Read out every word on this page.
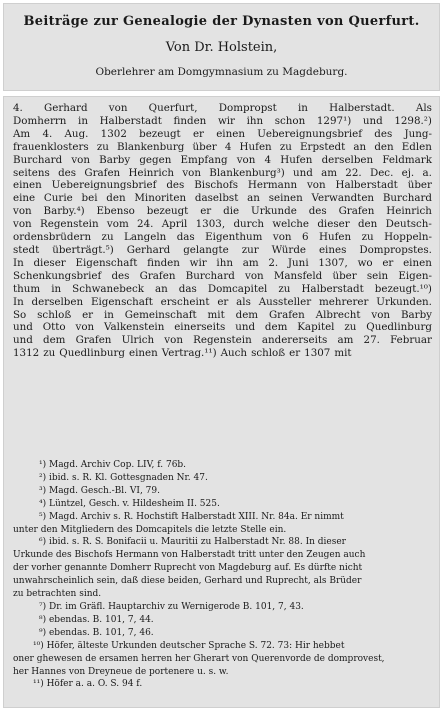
Beiträge zur Genealogie der Dynasten von Querfurt.
Von Dr. Holstein,
Oberlehrer am Domgymnasium zu Magdeburg.
4. Gerhard von Querfurt, Dompropst in Halberstadt. Als
Domherrn in Halberstadt finden wir ihn schon 1297¹) und 1298.²)
Am 4. Aug. 1302 bezeugt er einen Uebereignungsbrief des Jung-
frauenklosters zu Blankenburg über 4 Hufen zu Erpstedt an den Edlen
Burchard von Barby gegen Empfang von 4 Hufen derselben Feldmark
seitens des Grafen Heinrich von Blankenburg³) und am 22. Dec. ej. a.
einen Uebereignungsbrief des Bischofs Hermann von Halberstadt über
eine Curie bei den Minoriten daselbst an seinen Verwandten Burchard
von Barby.⁴) Ebenso bezeugt er die Urkunde des Grafen Heinrich
von Regenstein vom 24. April 1303, durch welche dieser den Deutsch-
ordensbrüdern zu Langeln das Eigenthum von 6 Hufen zu Hoppeln-
stedt überträgt.⁵) Gerhard gelangte zur Würde eines Dompropstes.
In dieser Eigenschaft finden wir ihn am 2. Juni 1307, wo er einen
Schenkungsbrief des Grafen Burchard von Mansfeld über sein Eigen-
thum in Schwanebeck an das Domcapitel zu Halberstadt bezeugt.¹⁰)
In derselben Eigenschaft erscheint er als Aussteller mehrerer Urkunden.
So schloß er in Gemeinschaft mit dem Grafen Albrecht von Barby
und Otto von Valkenstein einerseits und dem Kapitel zu Quedlinburg
und dem Grafen Ulrich von Regenstein andererseits am 27. Februar
1312 zu Quedlinburg einen Vertrag.¹¹) Auch schloß er 1307 mit
¹) Magd. Archiv Cop. LIV, f. 76b.
²) ibid. s. R. Kl. Gottesgnaden Nr. 47.
³) Magd. Gesch.-Bl. VI, 79.
⁴) Lüntzel, Gesch. v. Hildesheim II. 525.
⁵) Magd. Archiv s. R. Hochstift Halberstadt XIII. Nr. 84a. Er nimmt
unter den Mitgliedern des Domcapitels die letzte Stelle ein.
⁶) ibid. s. R. S. Bonifacii u. Mauritii zu Halberstadt Nr. 88. In dieser
Urkunde des Bischofs Hermann von Halberstadt tritt unter den Zeugen auch
der vorher genannte Domherr Ruprecht von Magdeburg auf. Es dürfte nicht
unwahrscheinlich sein, daß diese beiden, Gerhard und Ruprecht, als Brüder
zu betrachten sind.
⁷) Dr. im Gräfl. Hauptarchiv zu Wernigerode B. 101, 7, 43.
⁸) ebendas. B. 101, 7, 44.
⁹) ebendas. B. 101, 7, 46.
¹⁰) Höfer, älteste Urkunden deutscher Sprache S. 72. 73: Hir hebbet
oner ghewesen de ersamen herren her Gherart von Querenvorde de domprovest,
her Hannes von Dreyneue de portenere u. s. w.
¹¹) Höfer a. a. O. S. 94 f.
